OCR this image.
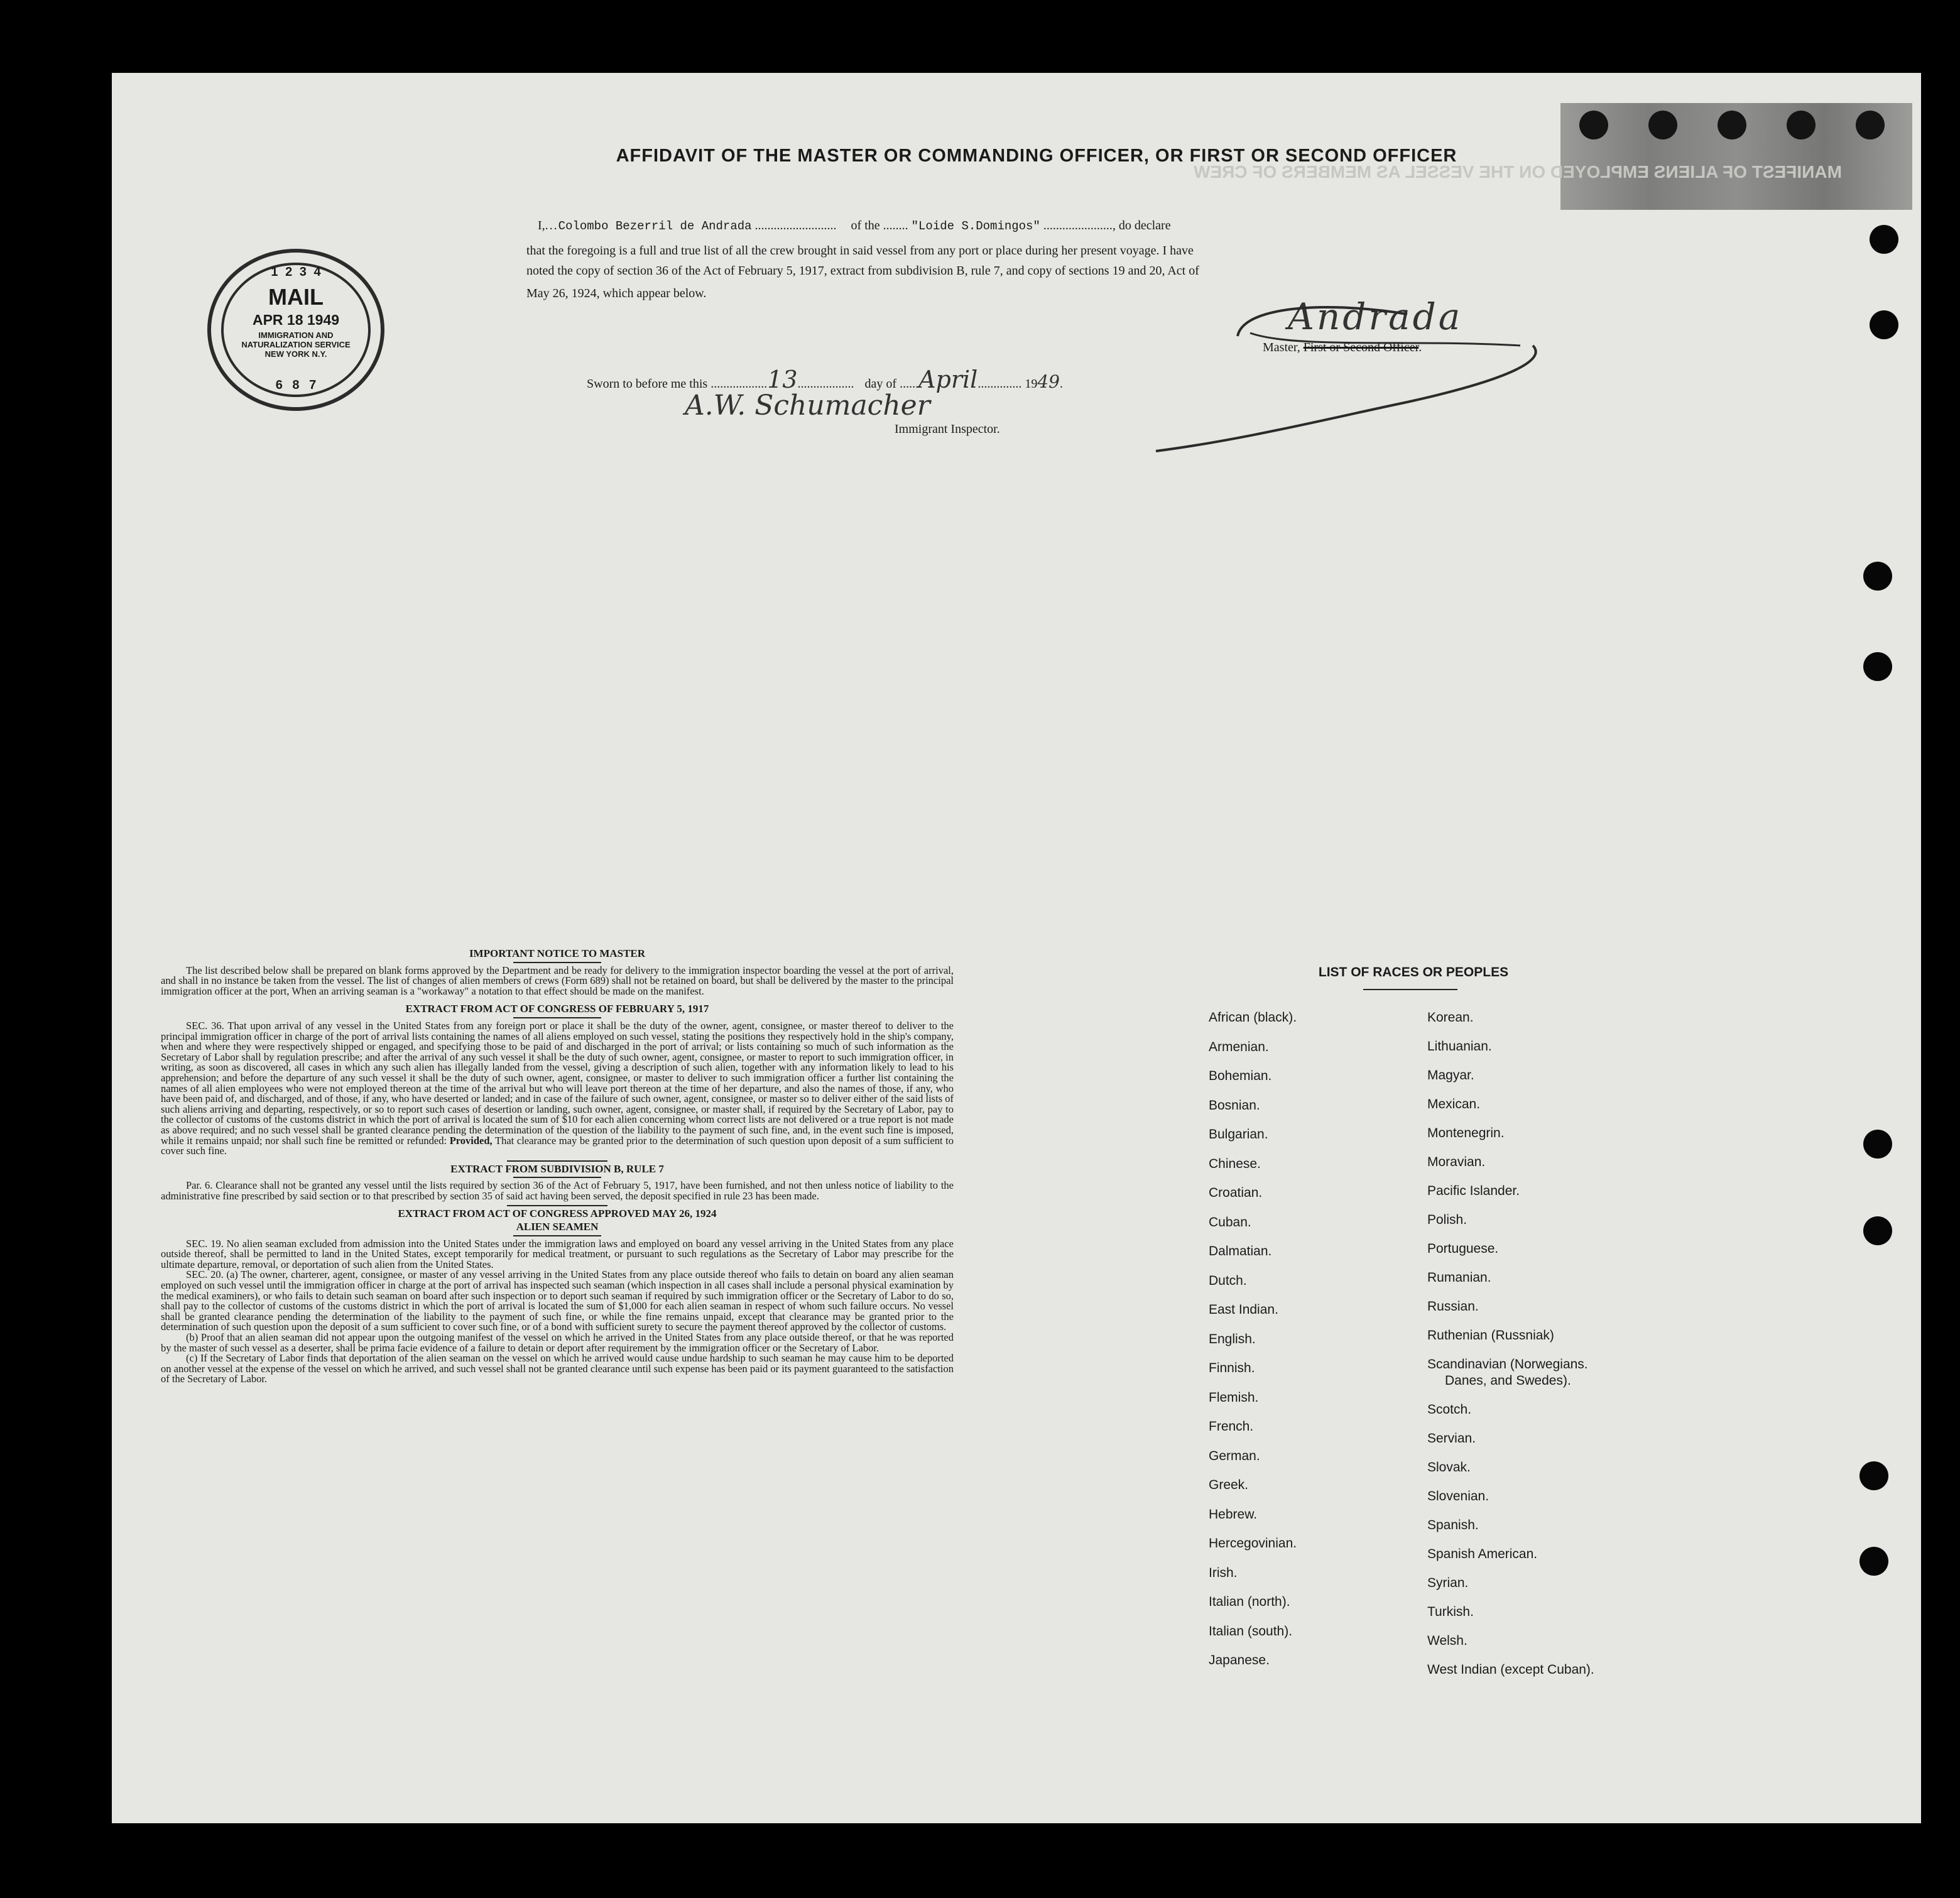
MANIFEST OF ALIENS EMPLOYED ON THE VESSEL AS MEMBERS OF CREW
AFFIDAVIT OF THE MASTER OR COMMANDING OFFICER, OR FIRST OR SECOND OFFICER
I,...Colombo Bezerril de Andrada .......................... of the ........ "Loide S.Domingos" ......................, do declare
that the foregoing is a full and true list of all the crew brought in said vessel from any port or place during her present voyage. I have
noted the copy of section 36 of the Act of February 5, 1917, extract from subdivision B, rule 7, and copy of sections 19 and 20, Act of
May 26, 1924, which appear below.
1 2 3 4
MAIL
APR 18 1949
IMMIGRATION AND NATURALIZATION SERVICE NEW YORK N.Y.
6 8 7
Andrada
Master, First or Second Officer.
Sworn to before me this ..................13.................. day of ......April.............. 1949.
A.W. Schumacher
Immigrant Inspector.
IMPORTANT NOTICE TO MASTER

The list described below shall be prepared on blank forms approved by the Department and be ready for delivery to the immigration inspector boarding the vessel at the port of arrival, and shall in no instance be taken from the vessel. The list of changes of alien members of crews (Form 689) shall not be retained on board, but shall be delivered by the master to the principal immigration officer at the port, When an arriving seaman is a "workaway" a notation to that effect should be made on the manifest.

EXTRACT FROM ACT OF CONGRESS OF FEBRUARY 5, 1917

SEC. 36. That upon arrival of any vessel in the United States from any foreign port or place it shall be the duty of the owner, agent, consignee, or master thereof to deliver to the principal immigration officer in charge of the port of arrival lists containing the names of all aliens employed on such vessel, stating the positions they respectively hold in the ship's company, when and where they were respectively shipped or engaged, and specifying those to be paid of and discharged in the port of arrival; or lists containing so much of such information as the Secretary of Labor shall by regulation prescribe; and after the arrival of any such vessel it shall be the duty of such owner, agent, consignee, or master to report to such immigration officer, in writing, as soon as discovered, all cases in which any such alien has illegally landed from the vessel, giving a description of such alien, together with any information likely to lead to his apprehension; and before the departure of any such vessel it shall be the duty of such owner, agent, consignee, or master to deliver to such immigration officer a further list containing the names of all alien employees who were not employed thereon at the time of the arrival but who will leave port thereon at the time of her departure, and also the names of those, if any, who have been paid of, and discharged, and of those, if any, who have deserted or landed; and in case of the failure of such owner, agent, consignee, or master so to deliver either of the said lists of such aliens arriving and departing, respectively, or so to report such cases of desertion or landing, such owner, agent, consignee, or master shall, if required by the Secretary of Labor, pay to the collector of customs of the customs district in which the port of arrival is located the sum of $10 for each alien concerning whom correct lists are not delivered or a true report is not made as above required; and no such vessel shall be granted clearance pending the determination of the question of the liability to the payment of such fine, and, in the event such fine is imposed, while it remains unpaid; nor shall such fine be remitted or refunded: Provided, That clearance may be granted prior to the determination of such question upon deposit of a sum sufficient to cover such fine.

EXTRACT FROM SUBDIVISION B, RULE 7

Par. 6. Clearance shall not be granted any vessel until the lists required by section 36 of the Act of February 5, 1917, have been furnished, and not then unless notice of liability to the administrative fine prescribed by said section or to that prescribed by section 35 of said act having been served, the deposit specified in rule 23 has been made.

EXTRACT FROM ACT OF CONGRESS APPROVED MAY 26, 1924
ALIEN SEAMEN

SEC. 19. No alien seaman excluded from admission into the United States under the immigration laws and employed on board any vessel arriving in the United States from any place outside thereof, shall be permitted to land in the United States, except temporarily for medical treatment, or pursuant to such regulations as the Secretary of Labor may prescribe for the ultimate departure, removal, or deportation of such alien from the United States.

SEC. 20. (a) The owner, charterer, agent, consignee, or master of any vessel arriving in the United States from any place outside thereof who fails to detain on board any alien seaman employed on such vessel until the immigration officer in charge at the port of arrival has inspected such seaman (which inspection in all cases shall include a personal physical examination by the medical examiners), or who fails to detain such seaman on board after such inspection or to deport such seaman if required by such immigration officer or the Secretary of Labor to do so, shall pay to the collector of customs of the customs district in which the port of arrival is located the sum of $1,000 for each alien seaman in respect of whom such failure occurs. No vessel shall be granted clearance pending the determination of the liability to the payment of such fine, or while the fine remains unpaid, except that clearance may be granted prior to the determination of such question upon the deposit of a sum sufficient to cover such fine, or of a bond with sufficient surety to secure the payment thereof approved by the collector of customs.

(b) Proof that an alien seaman did not appear upon the outgoing manifest of the vessel on which he arrived in the United States from any place outside thereof, or that he was reported by the master of such vessel as a deserter, shall be prima facie evidence of a failure to detain or deport after requirement by the immigration officer or the Secretary of Labor.

(c) If the Secretary of Labor finds that deportation of the alien seaman on the vessel on which he arrived would cause undue hardship to such seaman he may cause him to be deported on another vessel at the expense of the vessel on which he arrived, and such vessel shall not be granted clearance until such expense has been paid or its payment guaranteed to the satisfaction of the Secretary of Labor.

LIST OF RACES OR PEOPLES
African (black).
Armenian.
Bohemian.
Bosnian.
Bulgarian.
Chinese.
Croatian.
Cuban.
Dalmatian.
Dutch.
East Indian.
English.
Finnish.
Flemish.
French.
German.
Greek.
Hebrew.
Hercegovinian.
Irish.
Italian (north).
Italian (south).
Japanese.
Korean.
Lithuanian.
Magyar.
Mexican.
Montenegrin.
Moravian.
Pacific Islander.
Polish.
Portuguese.
Rumanian.
Russian.
Ruthenian (Russniak)
Scandinavian (Norwegians.
Danes, and Swedes).
Scotch.
Servian.
Slovak.
Slovenian.
Spanish.
Spanish American.
Syrian.
Turkish.
Welsh.
West Indian (except Cuban).
